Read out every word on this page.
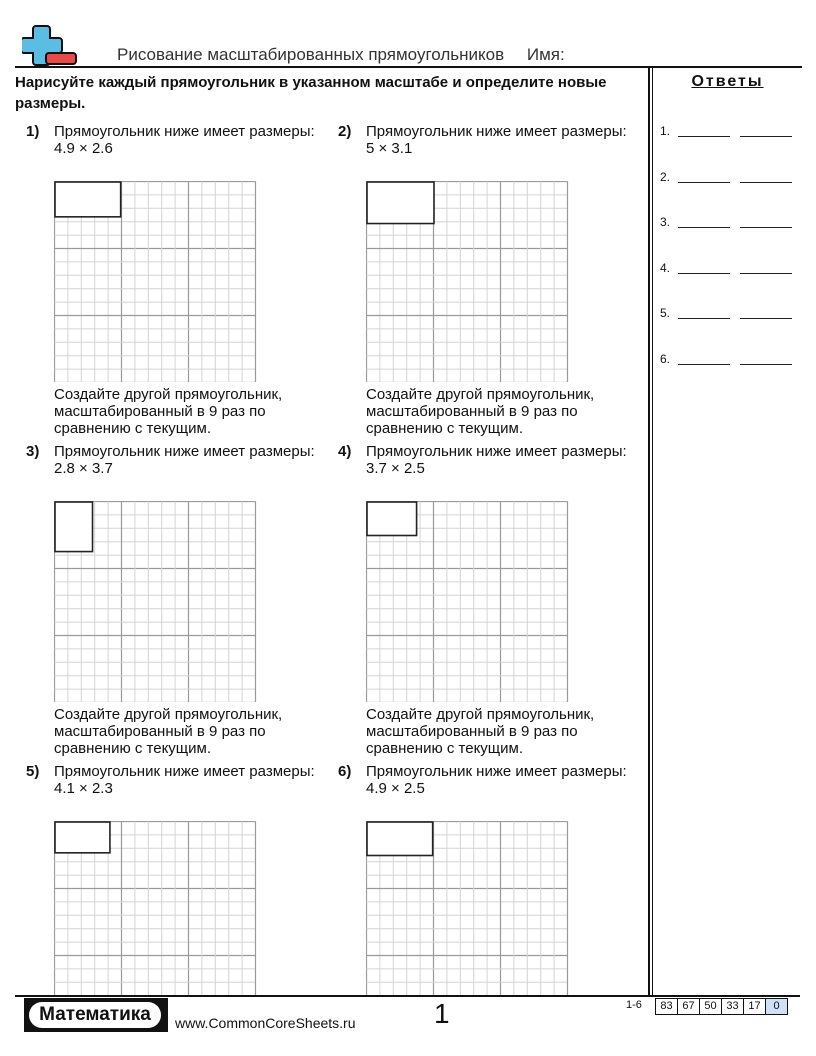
Рисование масштабированных прямоугольников Имя:
Нарисуйте каждый прямоугольник в указанном масштабе и определите новые размеры.
Ответы
1.
2.
3.
4.
5.
6.
1) Прямоугольник ниже имеет размеры:
4.9 × 2.6
Создайте другой прямоугольник, масштабированный в 9 раз по сравнению с текущим.
2) Прямоугольник ниже имеет размеры:
5 × 3.1
Создайте другой прямоугольник, масштабированный в 9 раз по сравнению с текущим.
3) Прямоугольник ниже имеет размеры:
2.8 × 3.7
Создайте другой прямоугольник, масштабированный в 9 раз по сравнению с текущим.
4) Прямоугольник ниже имеет размеры:
3.7 × 2.5
Создайте другой прямоугольник, масштабированный в 9 раз по сравнению с текущим.
5) Прямоугольник ниже имеет размеры:
4.1 × 2.3
6) Прямоугольник ниже имеет размеры:
4.9 × 2.5
Математика	www.CommonCoreSheets.ru	1	1-6	83 67 50 33 17	0
